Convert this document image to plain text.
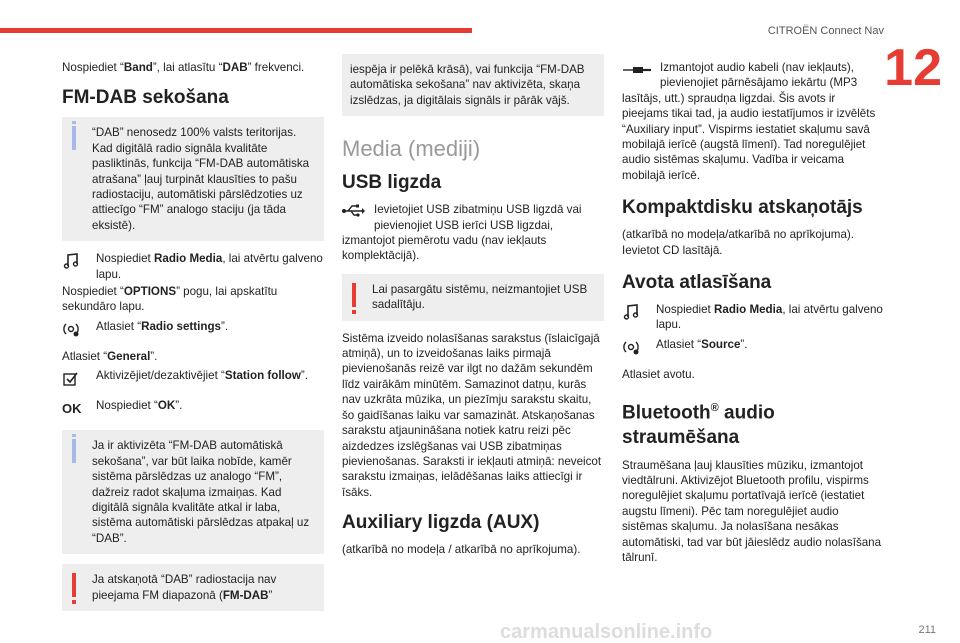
CITROËN Connect Nav
12

Nospiediet “Band”, lai atlasītu “DAB” frekvenci.

FM-DAB sekošana

“DAB” nenosedz 100% valsts teritorijas. Kad digitālā radio signāla kvalitāte pasliktinās, funkcija “FM-DAB automātiska atrašana” ļauj turpināt klausīties to pašu radiostaciju, automātiski pārslēdzoties uz attiecīgo “FM” analogo staciju (ja tāda eksistē).

Nospiediet Radio Media, lai atvērtu galveno lapu.

Nospiediet “OPTIONS” pogu, lai apskatītu sekundāro lapu.

Atlasiet “Radio settings”.

Atlasiet “General”.

Aktivizējiet/dezaktivējiet “Station follow”.
OK	Nospiediet “OK”.

Ja ir aktivizēta “FM-DAB automātiskā sekošana”, var būt laika nobīde, kamēr sistēma pārslēdzas uz analogo “FM”, dažreiz radot skaļuma izmaiņas. Kad digitālā signāla kvalitāte atkal ir laba, sistēma automātiski pārslēdzas atpakaļ uz “DAB”.

Ja atskaņotā “DAB” radiostacija nav pieejama FM diapazonā (FM-DAB”

iespēja ir pelēkā krāsā), vai funkcija “FM-DAB automātiska sekošana” nav aktivizēta, skaņa izslēdzas, ja digitālais signāls ir pārāk vājš.

Media (mediji)
USB ligzda
Ievietojiet USB zibatmiņu USB ligzdā vai pievienojiet USB ierīci USB ligzdai, izmantojot piemērotu vadu (nav iekļauts komplektācijā).

Lai pasargātu sistēmu, neizmantojiet USB sadalītāju.

Sistēma izveido nolasīšanas sarakstus (īslaicīgajā atmiņā), un to izveidošanas laiks pirmajā pievienošanās reizē var ilgt no dažām sekundēm līdz vairākām minūtēm. Samazinot datņu, kurās nav uzkrāta mūzika, un piezīmju sarakstu skaitu, šo gaidīšanas laiku var samazināt. Atskaņošanas sarakstu atjaunināšana notiek katru reizi pēc aizdedzes izslēgšanas vai USB zibatmiņas pievienošanas. Saraksti ir iekļauti atmiņā: neveicot sarakstu izmaiņas, ielādēšanas laiks attiecīgi ir īsāks.

Auxiliary ligzda (AUX)

(atkarībā no modeļa / atkarībā no aprīkojuma).

Izmantojot audio kabeli (nav iekļauts), pievienojiet pārnēsājamo iekārtu (MP3 lasītājs, utt.) spraudņa ligzdai. Šis avots ir pieejams tikai tad, ja audio iestatījumos ir izvēlēts “Auxiliary input”. Vispirms iestatiet skaļumu savā mobilajā ierīcē (augstā līmenī). Tad noregulējiet audio sistēmas skaļumu. Vadība ir veicama mobilajā ierīcē.
Kompaktdisku atskaņotājs

(atkarībā no modeļa/atkarībā no aprīkojuma). Ievietot CD lasītājā.

Avota atlasīšana
Nospiediet Radio Media, lai atvērtu galveno lapu.
Atlasiet “Source”.

Atlasiet avotu.

Bluetooth® audio straumēšana

Straumēšana ļauj klausīties mūziku, izmantojot viedtālruni. Aktivizējot Bluetooth profilu, vispirms noregulējiet skaļumu portatīvajā ierīcē (iestatiet augstu līmeni). Pēc tam noregulējiet audio sistēmas skaļumu. Ja nolasīšana nesākas automātiski, tad var būt jāieslēdz audio nolasīšana tālrunī.

carmanualsonline.info	211
